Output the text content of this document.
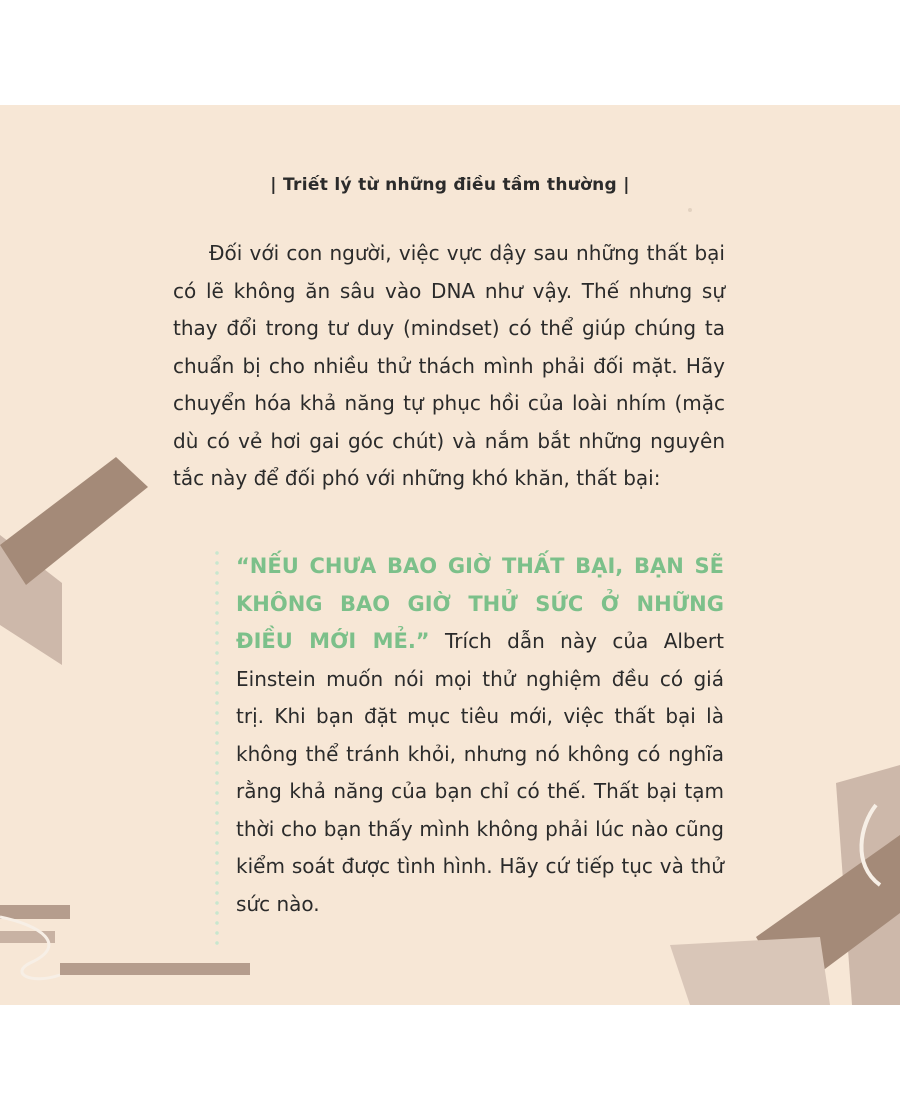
| Triết lý từ những điều tầm thường |
Đối với con người, việc vực dậy sau những thất bại có lẽ không ăn sâu vào DNA như vậy. Thế nhưng sự thay đổi trong tư duy (mindset) có thể giúp chúng ta chuẩn bị cho nhiều thử thách mình phải đối mặt. Hãy chuyển hóa khả năng tự phục hồi của loài nhím (mặc dù có vẻ hơi gai góc chút) và nắm bắt những nguyên tắc này để đối phó với những khó khăn, thất bại:
“NẾU CHƯA BAO GIỜ THẤT BẠI, BẠN SẼ KHÔNG BAO GIỜ THỬ SỨC Ở NHỮNG ĐIỀU MỚI MẺ.” Trích dẫn này của Albert Einstein muốn nói mọi thử nghiệm đều có giá trị. Khi bạn đặt mục tiêu mới, việc thất bại là không thể tránh khỏi, nhưng nó không có nghĩa rằng khả năng của bạn chỉ có thế. Thất bại tạm thời cho bạn thấy mình không phải lúc nào cũng kiểm soát được tình hình. Hãy cứ tiếp tục và thử sức nào.
